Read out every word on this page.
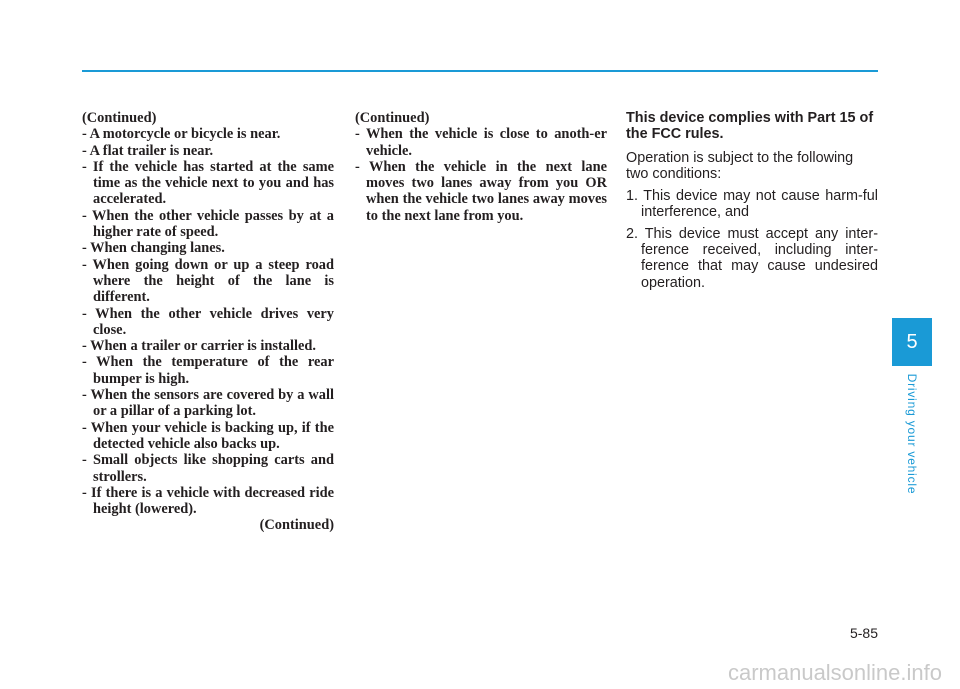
(Continued)

- A motorcycle or bicycle is near.
- A flat trailer is near.
- If the vehicle has started at the same time as the vehicle next to you and has accelerated.
- When the other vehicle passes by at a higher rate of speed.
- When changing lanes.
- When going down or up a steep road where the height of the lane is different.
- When the other vehicle drives very close.
- When a trailer or carrier is installed.
- When the temperature of the rear bumper is high.
- When the sensors are covered by a wall or a pillar of a parking lot.
- When your vehicle is backing up, if the detected vehicle also backs up.
- Small objects like shopping carts and strollers.
- If there is a vehicle with decreased ride height (lowered).

(Continued)

(Continued)

- When the vehicle is close to anoth-er vehicle.
- When the vehicle in the next lane moves two lanes away from you OR when the vehicle two lanes away moves to the next lane from you.

This device complies with Part 15 of the FCC rules.

Operation is subject to the following two conditions:

1. This device may not cause harm-ful interference, and
2. This device must accept any inter-ference received, including inter-ference that may cause undesired operation.
5
Driving your vehicle
5-85
carmanualsonline.info
